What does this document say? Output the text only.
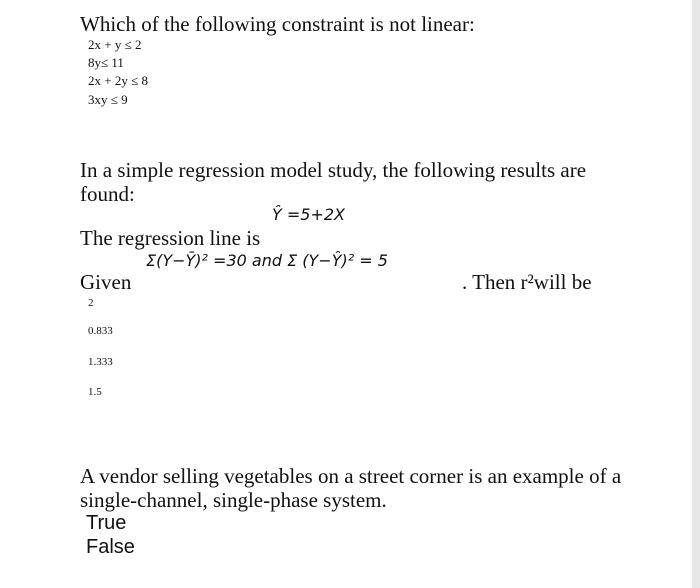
Which of the following constraint is not linear:
2x + y ≤ 2
8y≤ 11
2x + 2y ≤ 8
3xy ≤ 9
In a simple regression model study, the following results are found:
Ŷ =5+2X
The regression line is
Σ(Y−Ȳ)² =30 and Σ (Y−Ŷ)² = 5
Given	. Then r²will be
2
0.833
1.333
1.5
A vendor selling vegetables on a street corner is an example of a single-channel, single-phase system.
True
False
